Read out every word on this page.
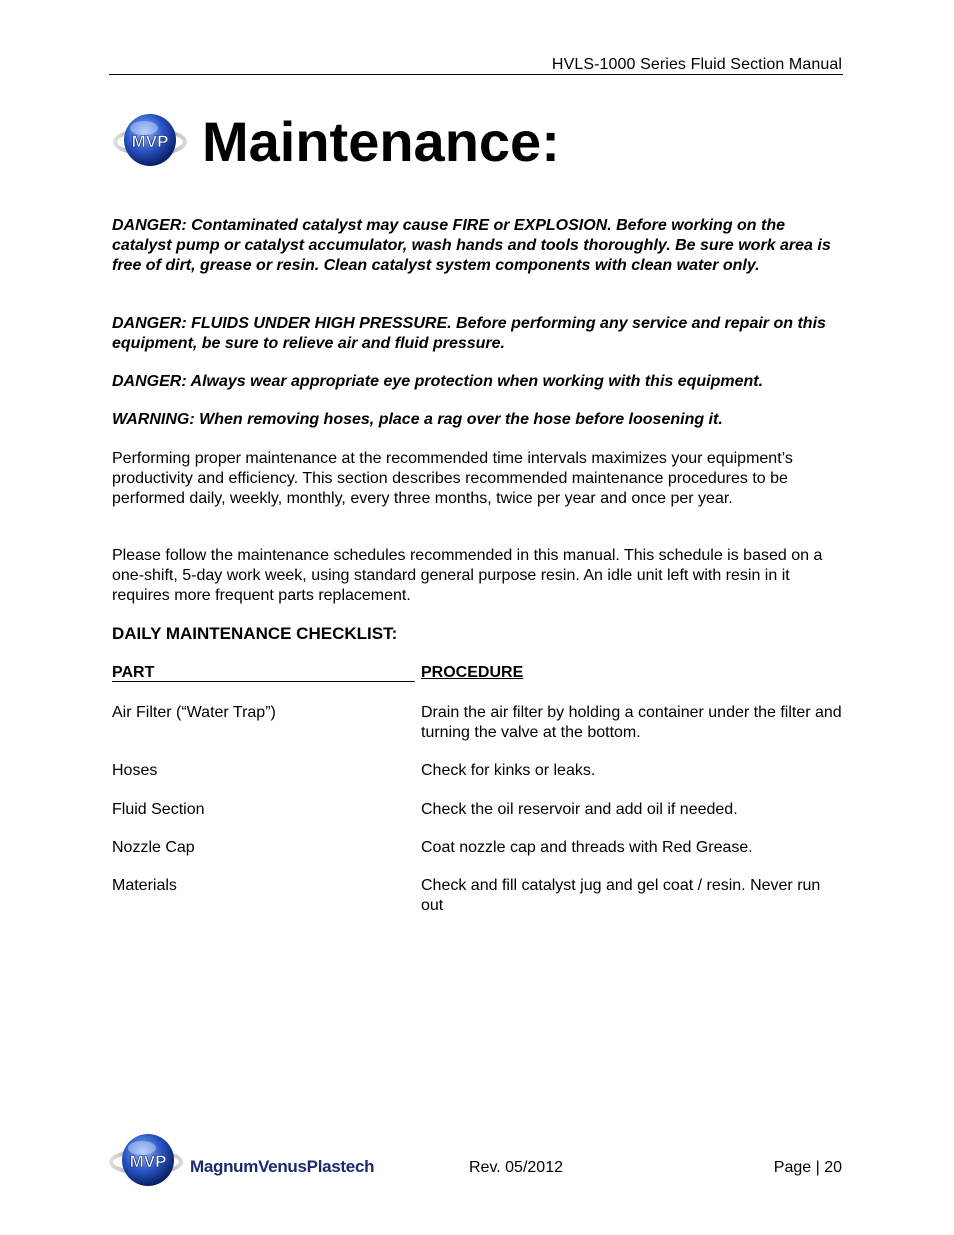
HVLS-1000 Series Fluid Section Manual
MVP Maintenance:

DANGER: Contaminated catalyst may cause FIRE or EXPLOSION. Before working on the catalyst pump or catalyst accumulator, wash hands and tools thoroughly. Be sure work area is free of dirt, grease or resin. Clean catalyst system components with clean water only.

DANGER: FLUIDS UNDER HIGH PRESSURE. Before performing any service and repair on this equipment, be sure to relieve air and fluid pressure.

DANGER: Always wear appropriate eye protection when working with this equipment.

WARNING: When removing hoses, place a rag over the hose before loosening it.

Performing proper maintenance at the recommended time intervals maximizes your equipment’s productivity and efficiency. This section describes recommended maintenance procedures to be performed daily, weekly, monthly, every three months, twice per year and once per year.

Please follow the maintenance schedules recommended in this manual. This schedule is based on a one-shift, 5-day work week, using standard general purpose resin. An idle unit left with resin in it requires more frequent parts replacement.

DAILY MAINTENANCE CHECKLIST:
PART	PROCEDURE
Air Filter (“Water Trap”)	Drain the air filter by holding a container under the filter and turning the valve at the bottom.
Hoses	Check for kinks or leaks.
Fluid Section	Check the oil reservoir and add oil if needed.
Nozzle Cap	Coat nozzle cap and threads with Red Grease.
Materials	Check and fill catalyst jug and gel coat / resin. Never run out
MVP MagnumVenusPlastech	Rev. 05/2012	Page | 20
